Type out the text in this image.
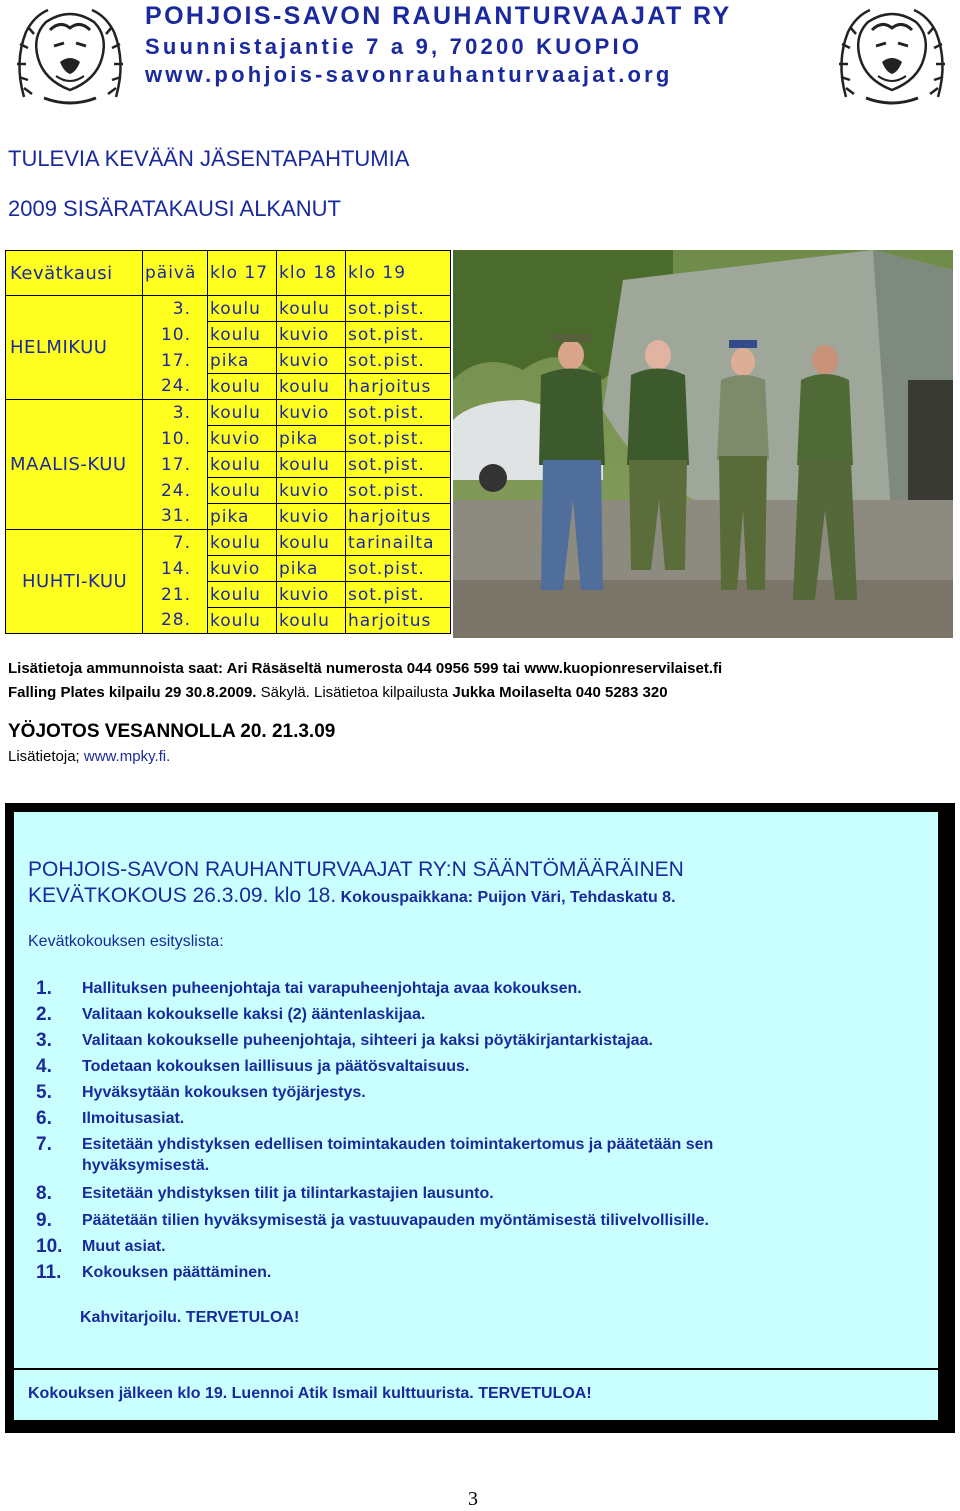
POHJOIS-SAVON RAUHANTURVAAJAT RY
Suunnistajantie 7 a 9, 70200 KUOPIO
www.pohjois-savonrauhanturvaajat.org
TULEVIA KEVÄÄN JÄSENTAPAHTUMIA
2009 SISÄRATAKAUSI ALKANUT
Kevätkausi	päivä	klo 17	klo 18	klo 19
HELMIKUU	3.	koulu	koulu	sot.pist.
	10.	koulu	kuvio	sot.pist.
	17.	pika	kuvio	sot.pist.
	24.	koulu	koulu	harjoitus
MAALIS-KUU	3.	koulu	kuvio	sot.pist.
	10.	kuvio	pika	sot.pist.
	17.	koulu	koulu	sot.pist.
	24.	koulu	kuvio	sot.pist.
	31.	pika	kuvio	harjoitus
HUHTI-KUU	7.	koulu	koulu	tarinailta
	14.	kuvio	pika	sot.pist.
	21.	koulu	kuvio	sot.pist.
	28.	koulu	koulu	harjoitus
Lisätietoja ammunnoista saat: Ari Räsäseltä numerosta 044 0956 599 tai www.kuopionreservilaiset.fi
Falling Plates kilpailu 29 30.8.2009. Säkylä. Lisätietoa kilpailusta Jukka Moilaselta 040 5283 320
YÖJOTOS VESANNOLLA 20. 21.3.09
Lisätietoja; www.mpky.fi.
POHJOIS-SAVON RAUHANTURVAAJAT RY:N SÄÄNTÖMÄÄRÄINEN
KEVÄTKOKOUS 26.3.09. klo 18. Kokouspaikkana: Puijon Väri, Tehdaskatu 8.
Kevätkokouksen esityslista:
1. Hallituksen puheenjohtaja tai varapuheenjohtaja avaa kokouksen.
2. Valitaan kokoukselle kaksi (2) ääntenlaskijaa.
3. Valitaan kokoukselle puheenjohtaja, sihteeri ja kaksi pöytäkirjantarkistajaa.
4. Todetaan kokouksen laillisuus ja päätösvaltaisuus.
5. Hyväksytään kokouksen työjärjestys.
6. Ilmoitusasiat.
7. Esitetään yhdistyksen edellisen toimintakauden toimintakertomus ja päätetään sen
hyväksymisestä.
8. Esitetään yhdistyksen tilit ja tilintarkastajien lausunto.
9. Päätetään tilien hyväksymisestä ja vastuuvapauden myöntämisestä tilivelvollisille.
10. Muut asiat.
11. Kokouksen päättäminen.
Kahvitarjoilu. TERVETULOA!
Kokouksen jälkeen klo 19. Luennoi Atik Ismail kulttuurista. TERVETULOA!
3
